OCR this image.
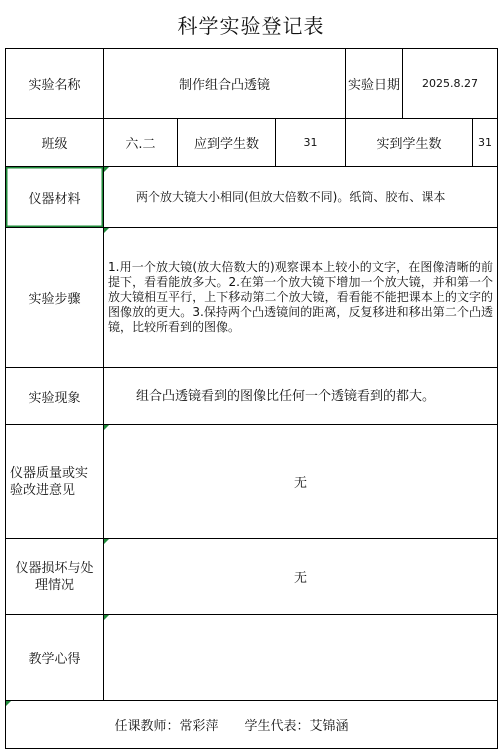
科学实验登记表
实验名称	制作组合凸透镜			实验日期	2025.8.27	
班级	六.二	应到学生数	31	实到学生数		31
仪器材料	两个放大镜大小相同(但放大倍数不同)。纸筒、胶布、课本					

实验步骤	1.用一个放大镜(放大倍数大的)观察课本上较小的文字，在图像清晰的前提下，看看能放多大。2.在第一个放大镜下增加一个放大镜，并和第一个放大镜相互平行，上下移动第二个放大镜，看看能不能把课本上的文字的图像放的更大。3.保持两个凸透镜间的距离，反复移进和移出第二个凸透镜，比较所看到的图像。					

实验现象	组合凸透镜看到的图像比任何一个透镜看到的都大。					

仪器质量或实验改进意见	无					

仪器损坏与处理情况	无					
教学心得						

任课教师：常彩萍 学生代表：艾锦涵						
